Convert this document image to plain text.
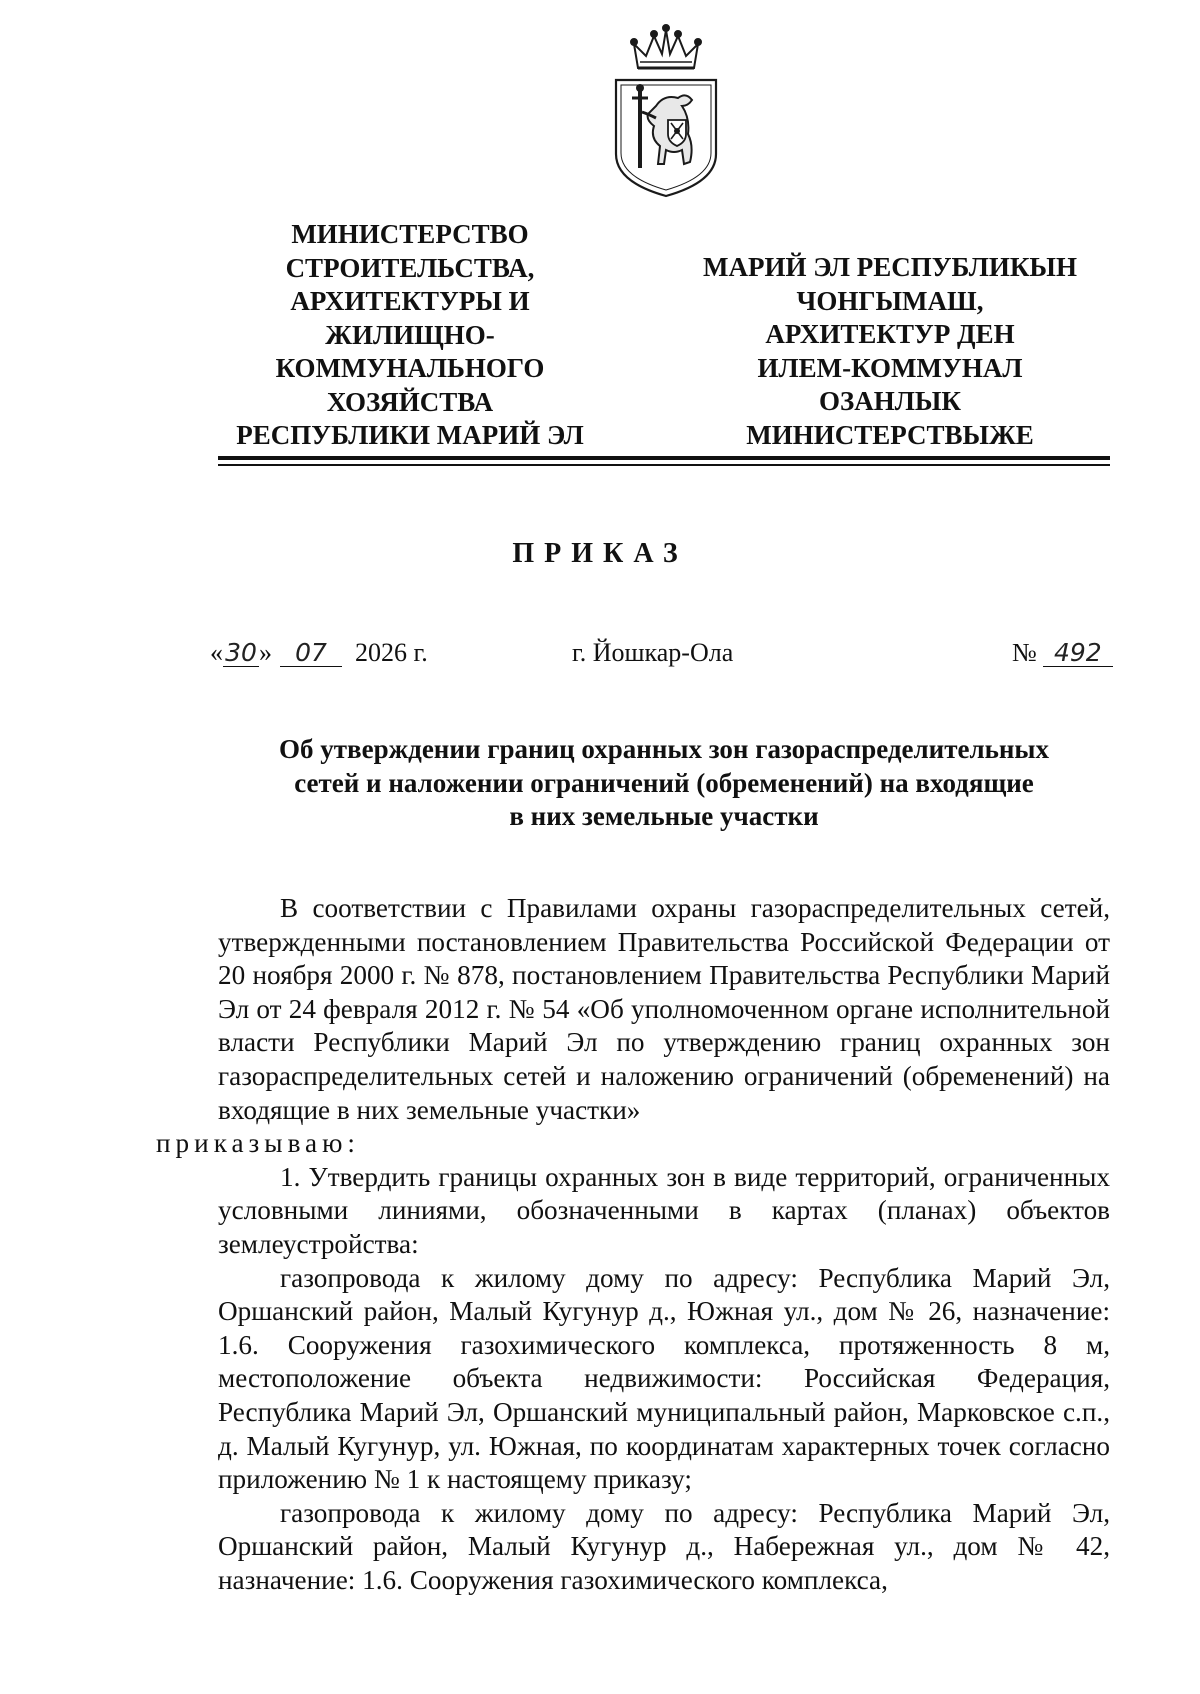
МИНИСТЕРСТВО
СТРОИТЕЛЬСТВА,
АРХИТЕКТУРЫ И
ЖИЛИЩНО-
КОММУНАЛЬНОГО
ХОЗЯЙСТВА
РЕСПУБЛИКИ МАРИЙ ЭЛ
МАРИЙ ЭЛ РЕСПУБЛИКЫН
ЧОНГЫМАШ,
АРХИТЕКТУР ДЕН
ИЛЕМ-КОММУНАЛ
ОЗАНЛЫК
МИНИСТЕРСТВЫЖЕ
ПРИКАЗ
«30» 07 2026 г.	г. Йошкар-Ола	№ 492
Об утверждении границ охранных зон газораспределительных
сетей и наложении ограничений (обременений) на входящие
в них земельные участки

В соответствии с Правилами охраны газораспределительных сетей, утвержденными постановлением Правительства Российской Федерации от 20 ноября 2000 г. № 878, постановлением Правительства Республики Марий Эл от 24 февраля 2012 г. № 54 «Об уполномоченном органе исполнительной власти Республики Марий Эл по утверждению границ охранных зон газораспределительных сетей и наложению ограничений (обременений) на входящие в них земельные участки»
приказываю:

1. Утвердить границы охранных зон в виде территорий, ограниченных условными линиями, обозначенными в картах (планах) объектов землеустройства:

газопровода к жилому дому по адресу: Республика Марий Эл, Оршанский район, Малый Кугунур д., Южная ул., дом № 26, назначение: 1.6. Сооружения газохимического комплекса, протяженность 8 м, местоположение объекта недвижимости: Российская Федерация, Республика Марий Эл, Оршанский муниципальный район, Марковское с.п., д. Малый Кугунур, ул. Южная, по координатам характерных точек согласно приложению № 1 к настоящему приказу;

газопровода к жилому дому по адресу: Республика Марий Эл, Оршанский район, Малый Кугунур д., Набережная ул., дом № 42, назначение: 1.6. Сооружения газохимического комплекса,
